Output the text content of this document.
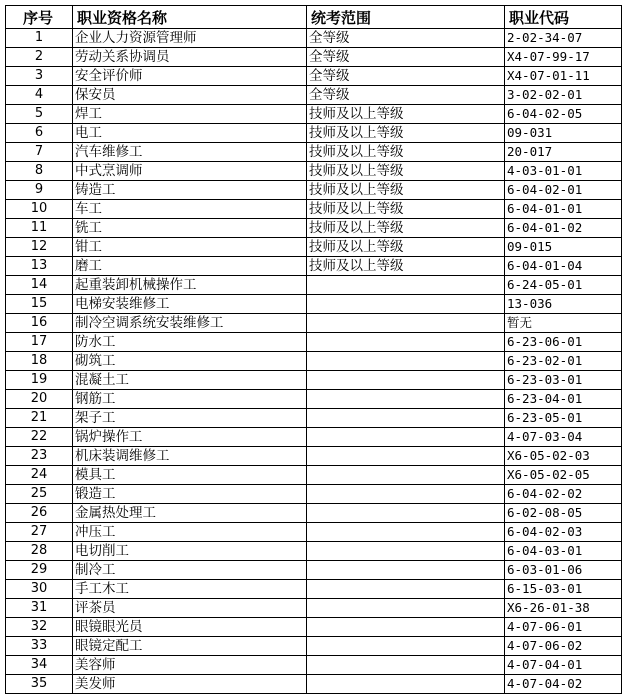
序号	职业资格名称	统考范围	职业代码
1	企业人力资源管理师	全等级	2-02-34-07
2	劳动关系协调员	全等级	X4-07-99-17
3	安全评价师	全等级	X4-07-01-11
4	保安员	全等级	3-02-02-01
5	焊工	技师及以上等级	6-04-02-05
6	电工	技师及以上等级	09-031
7	汽车维修工	技师及以上等级	20-017
8	中式烹调师	技师及以上等级	4-03-01-01
9	铸造工	技师及以上等级	6-04-02-01
10	车工	技师及以上等级	6-04-01-01
11	铣工	技师及以上等级	6-04-01-02
12	钳工	技师及以上等级	09-015
13	磨工	技师及以上等级	6-04-01-04
14	起重装卸机械操作工		6-24-05-01
15	电梯安装维修工		13-036
16	制冷空调系统安装维修工		暂无
17	防水工		6-23-06-01
18	砌筑工		6-23-02-01
19	混凝土工		6-23-03-01
20	钢筋工		6-23-04-01
21	架子工		6-23-05-01
22	锅炉操作工		4-07-03-04
23	机床装调维修工		X6-05-02-03
24	模具工		X6-05-02-05
25	锻造工		6-04-02-02
26	金属热处理工		6-02-08-05
27	冲压工		6-04-02-03
28	电切削工		6-04-03-01
29	制冷工		6-03-01-06
30	手工木工		6-15-03-01
31	评茶员		X6-26-01-38
32	眼镜眼光员		4-07-06-01
33	眼镜定配工		4-07-06-02
34	美容师		4-07-04-01
35	美发师		4-07-04-02
